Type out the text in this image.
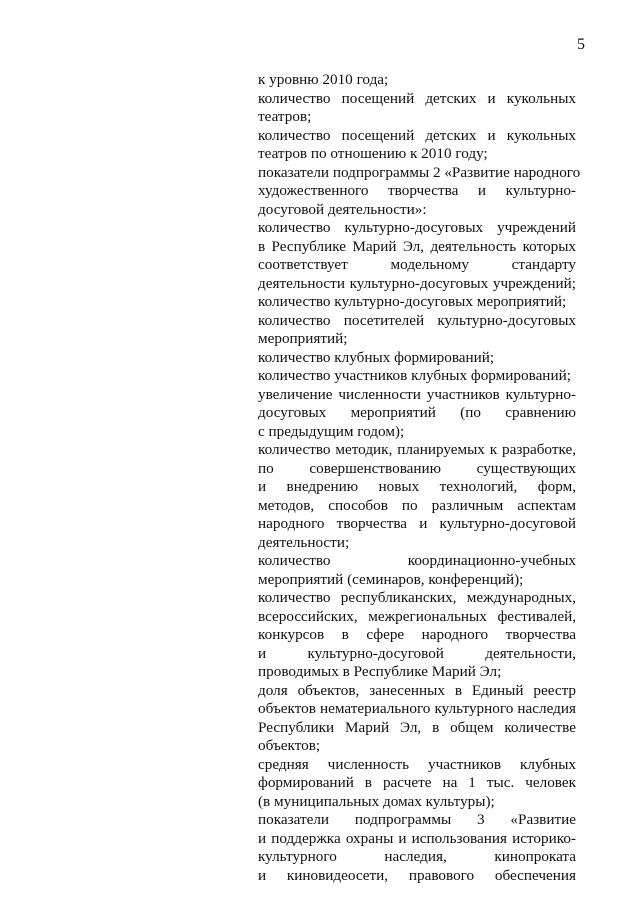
5
к уровню 2010 года;
количество посещений детских и кукольных
театров;
количество посещений детских и кукольных
театров по отношению к 2010 году;
показатели подпрограммы 2 «Развитие народного
художественного творчества и культурно-
досуговой деятельности»:
количество культурно-досуговых учреждений
в Республике Марий Эл, деятельность которых
соответствует модельному стандарту
деятельности культурно-досуговых учреждений;
количество культурно-досуговых мероприятий;
количество посетителей культурно-досуговых
мероприятий;
количество клубных формирований;
количество участников клубных формирований;
увеличение численности участников культурно-
досуговых мероприятий (по сравнению
с предыдущим годом);
количество методик, планируемых к разработке,
по совершенствованию существующих
и внедрению новых технологий, форм,
методов, способов по различным аспектам
народного творчества и культурно-досуговой
деятельности;
количество координационно-учебных
мероприятий (семинаров, конференций);
количество республиканских, международных,
всероссийских, межрегиональных фестивалей,
конкурсов в сфере народного творчества
и культурно-досуговой деятельности,
проводимых в Республике Марий Эл;
доля объектов, занесенных в Единый реестр
объектов нематериального культурного наследия
Республики Марий Эл, в общем количестве
объектов;
средняя численность участников клубных
формирований в расчете на 1 тыс. человек
(в муниципальных домах культуры);
показатели подпрограммы 3 «Развитие
и поддержка охраны и использования историко-
культурного наследия, кинопроката
и киновидеосети, правового обеспечения
